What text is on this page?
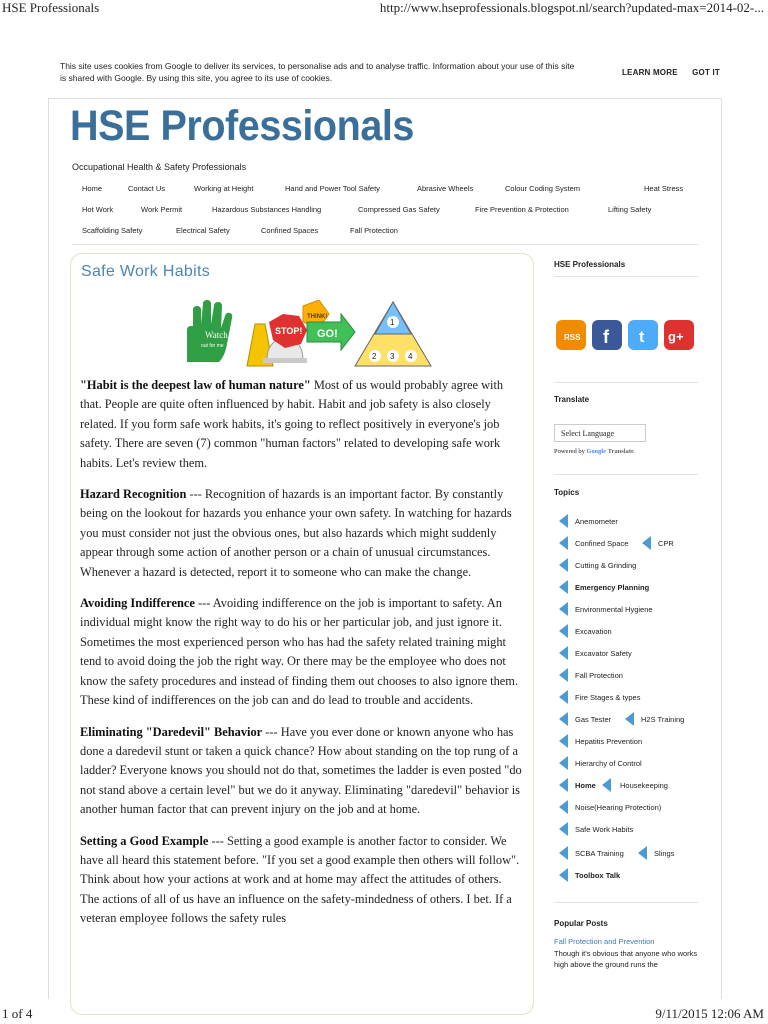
HSE Professionals	http://www.hseprofessionals.blogspot.nl/search?updated-max=2014-02-...
1 of 4	9/11/2015 12:06 AM
This site uses cookies from Google to deliver its services, to personalise ads and to analyse traffic. Information about your use of this site is shared with Google. By using this site, you agree to its use of cookies.
LEARN MORE GOT IT
HSE Professionals
Occupational Health & Safety Professionals
Home	Contact Us	Working at Height	Hand and Power Tool Safety	Abrasive Wheels	Colour Coding System	Heat Stress
Hot Work	Work Permit	Hazardous Substances Handling	Compressed Gas Safety	Fire Prevention & Protection	Lifting Safety
Scaffolding Safety	Electrical Safety	Confined Spaces	Fall Protection
Safe Work Habits
Watch
out for me
STOP!
THINK!
GO!
1
2 3 4

"Habit is the deepest law of human nature" Most of us would probably agree with that. People are quite often influenced by habit. Habit and job safety is also closely related. If you form safe work habits, it's going to reflect positively in everyone's job safety. There are seven (7) common "human factors" related to developing safe work habits. Let's review them.

Hazard Recognition --- Recognition of hazards is an important factor. By constantly being on the lookout for hazards you enhance your own safety. In watching for hazards you must consider not just the obvious ones, but also hazards which might suddenly appear through some action of another person or a chain of unusual circumstances. Whenever a hazard is detected, report it to someone who can make the change.

Avoiding Indifference --- Avoiding indifference on the job is important to safety. An individual might know the right way to do his or her particular job, and just ignore it. Sometimes the most experienced person who has had the safety related training might tend to avoid doing the job the right way. Or there may be the employee who does not know the safety procedures and instead of finding them out chooses to also ignore them. These kind of indifferences on the job can and do lead to trouble and accidents.

Eliminating "Daredevil" Behavior --- Have you ever done or known anyone who has done a daredevil stunt or taken a quick chance? How about standing on the top rung of a ladder? Everyone knows you should not do that, sometimes the ladder is even posted "do not stand above a certain level" but we do it anyway. Eliminating "daredevil" behavior is another human factor that can prevent injury on the job and at home.

Setting a Good Example --- Setting a good example is another factor to consider. We have all heard this statement before. "If you set a good example then others will follow". Think about how your actions at work and at home may affect the attitudes of others. The actions of all of us have an influence on the safety-mindedness of others. I bet. If a veteran employee follows the safety rules

HSE Professionals
RSS f t g+
Translate
Select Language
Powered by Google Translate
Topics
Anemometer
Confined Space	CPR
Cutting & Grinding
Emergency Planning
Environmental Hygiene
Excavation
Excavator Safety
Fall Protection
Fire Stages & types
Gas Tester	H2S Training
Hepatitis Prevention
Hierarchy of Control
Home	Housekeeping
Noise(Hearing Protection)
Safe Work Habits
SCBA Training	Slings
Toolbox Talk
Popular Posts
Fall Protection and Prevention
Though it's obvious that anyone who works high above the ground runs the
